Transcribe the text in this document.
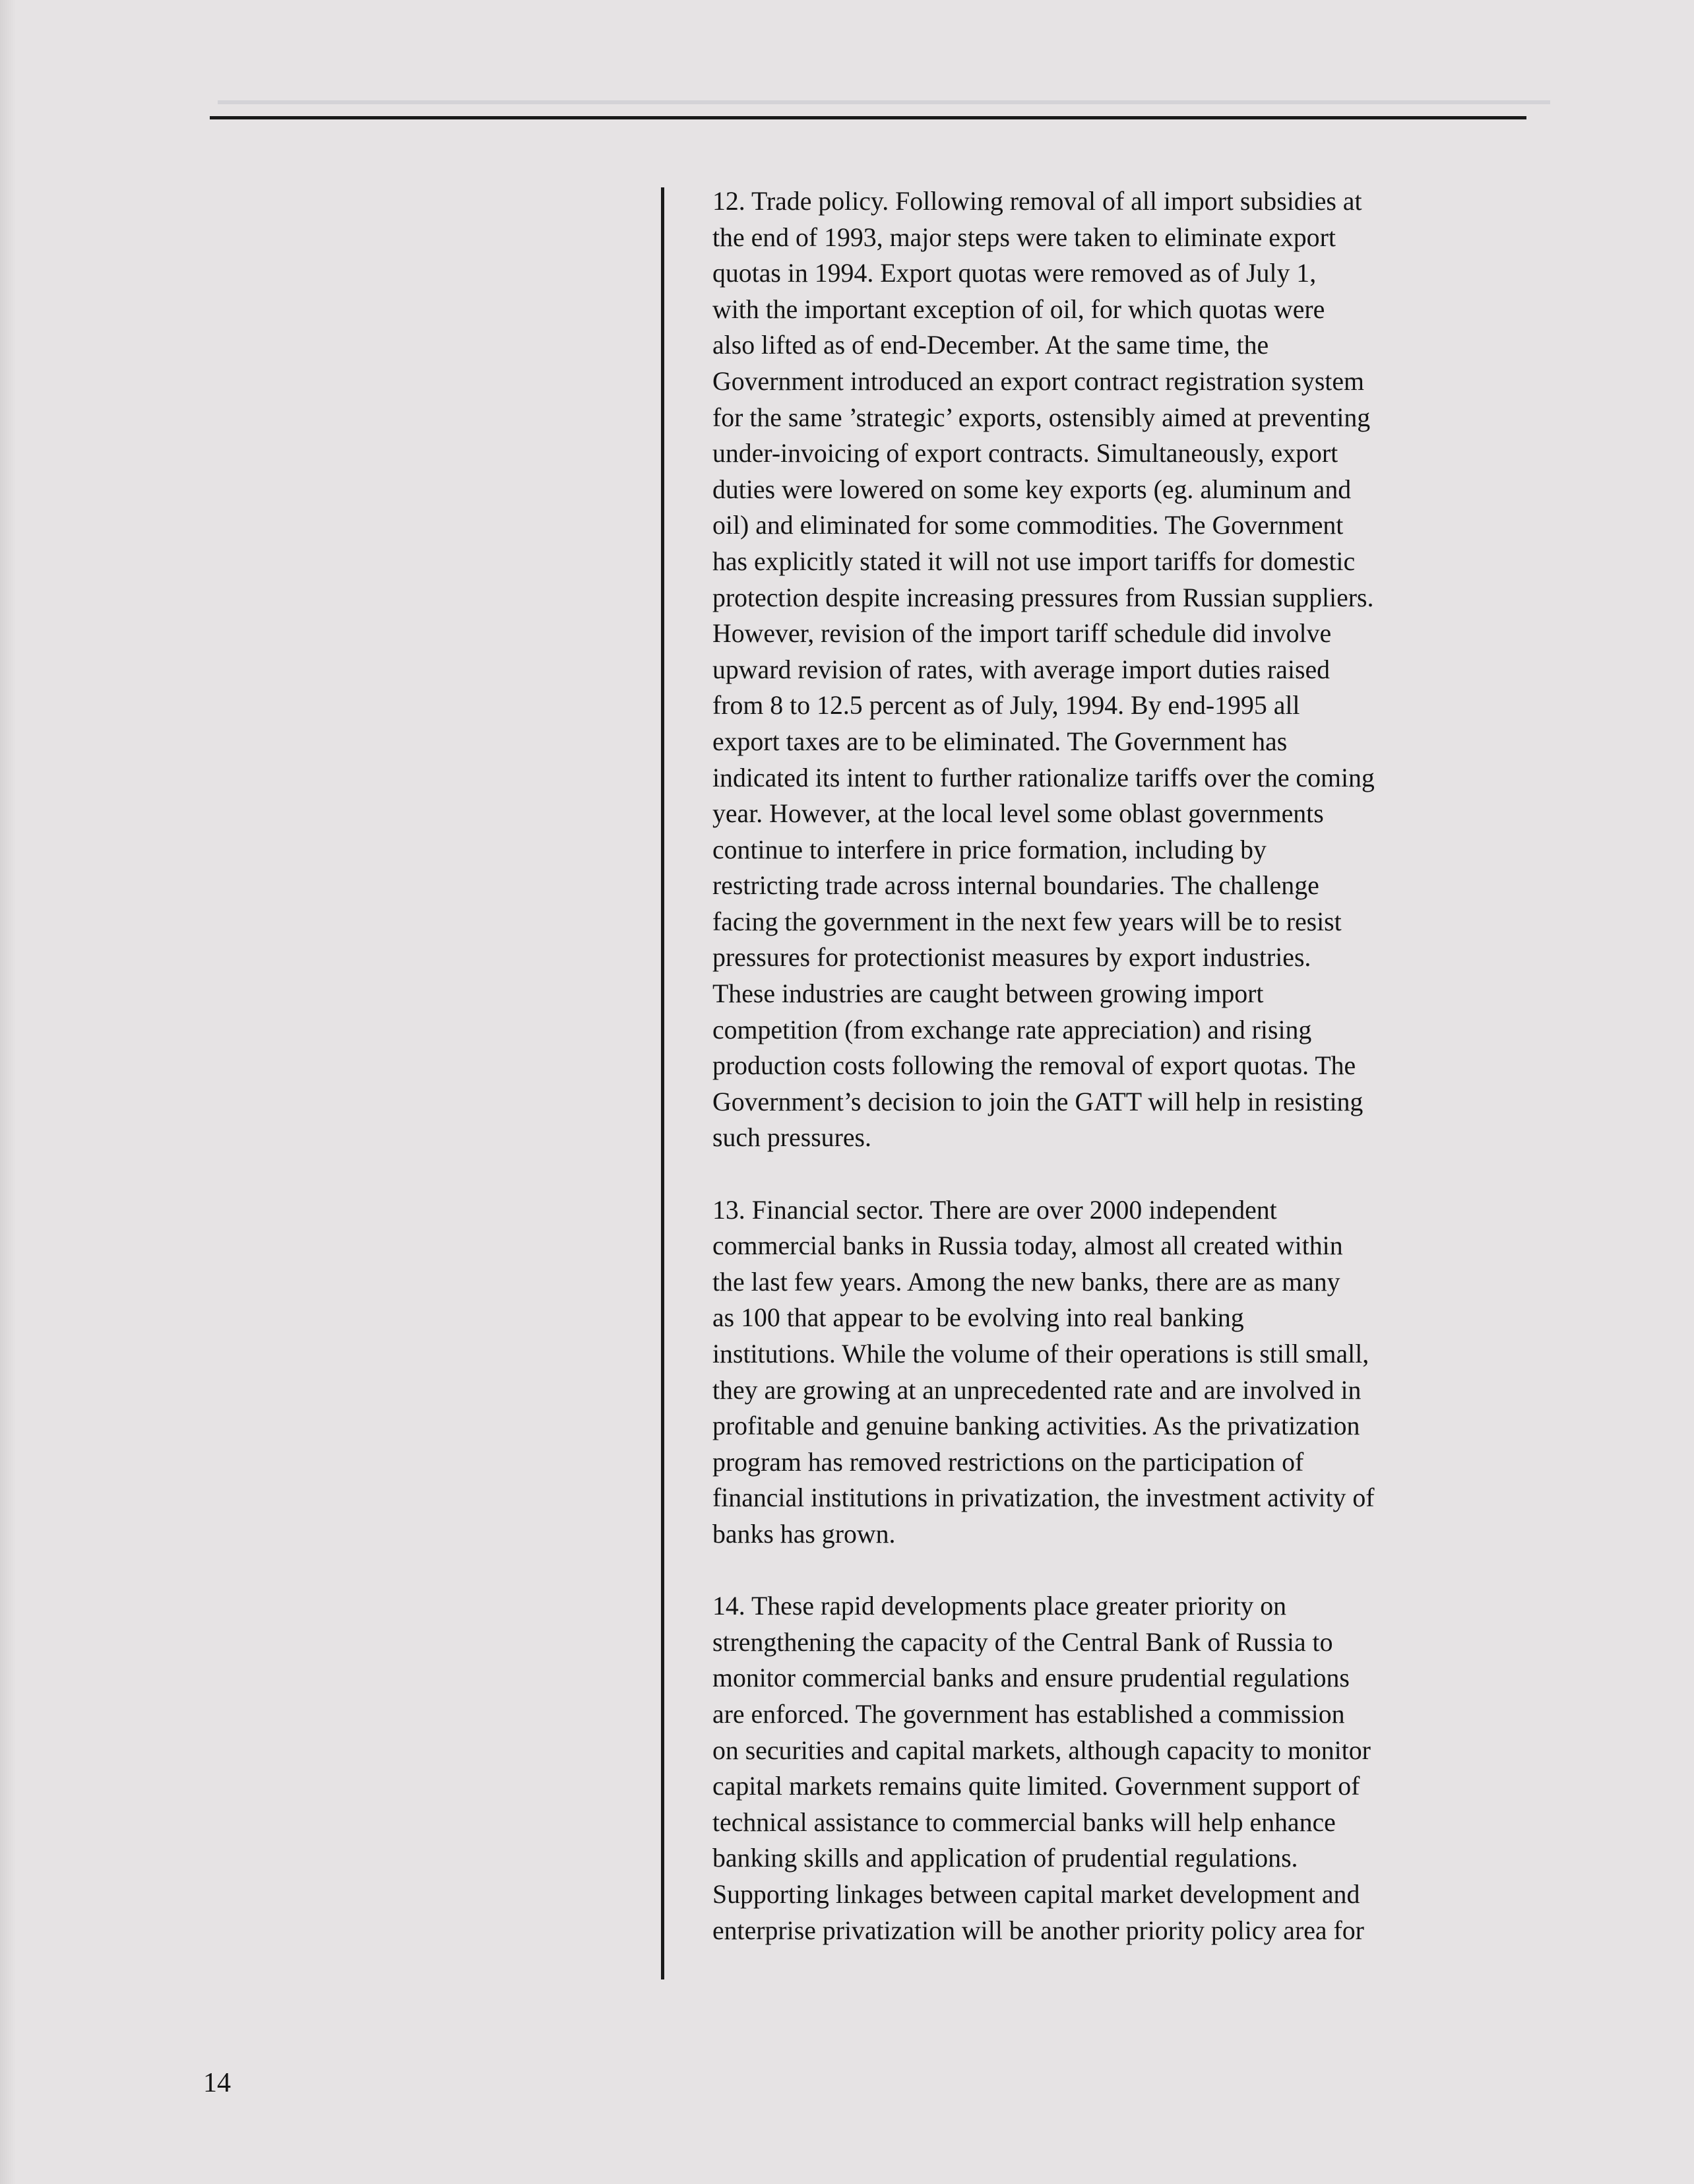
12. Trade policy. Following removal of all import subsidies at
the end of 1993, major steps were taken to eliminate export
quotas in 1994. Export quotas were removed as of July 1,
with the important exception of oil, for which quotas were
also lifted as of end-December. At the same time, the
Government introduced an export contract registration system
for the same ’strategic’ exports, ostensibly aimed at preventing
under-invoicing of export contracts. Simultaneously, export
duties were lowered on some key exports (eg. aluminum and
oil) and eliminated for some commodities. The Government
has explicitly stated it will not use import tariffs for domestic
protection despite increasing pressures from Russian suppliers.
However, revision of the import tariff schedule did involve
upward revision of rates, with average import duties raised
from 8 to 12.5 percent as of July, 1994. By end-1995 all
export taxes are to be eliminated. The Government has
indicated its intent to further rationalize tariffs over the coming
year. However, at the local level some oblast governments
continue to interfere in price formation, including by
restricting trade across internal boundaries. The challenge
facing the government in the next few years will be to resist
pressures for protectionist measures by export industries.
These industries are caught between growing import
competition (from exchange rate appreciation) and rising
production costs following the removal of export quotas. The
Government’s decision to join the GATT will help in resisting
such pressures.

13. Financial sector. There are over 2000 independent
commercial banks in Russia today, almost all created within
the last few years. Among the new banks, there are as many
as 100 that appear to be evolving into real banking
institutions. While the volume of their operations is still small,
they are growing at an unprecedented rate and are involved in
profitable and genuine banking activities. As the privatization
program has removed restrictions on the participation of
financial institutions in privatization, the investment activity of
banks has grown.

14. These rapid developments place greater priority on
strengthening the capacity of the Central Bank of Russia to
monitor commercial banks and ensure prudential regulations
are enforced. The government has established a commission
on securities and capital markets, although capacity to monitor
capital markets remains quite limited. Government support of
technical assistance to commercial banks will help enhance
banking skills and application of prudential regulations.
Supporting linkages between capital market development and
enterprise privatization will be another priority policy area for

14
